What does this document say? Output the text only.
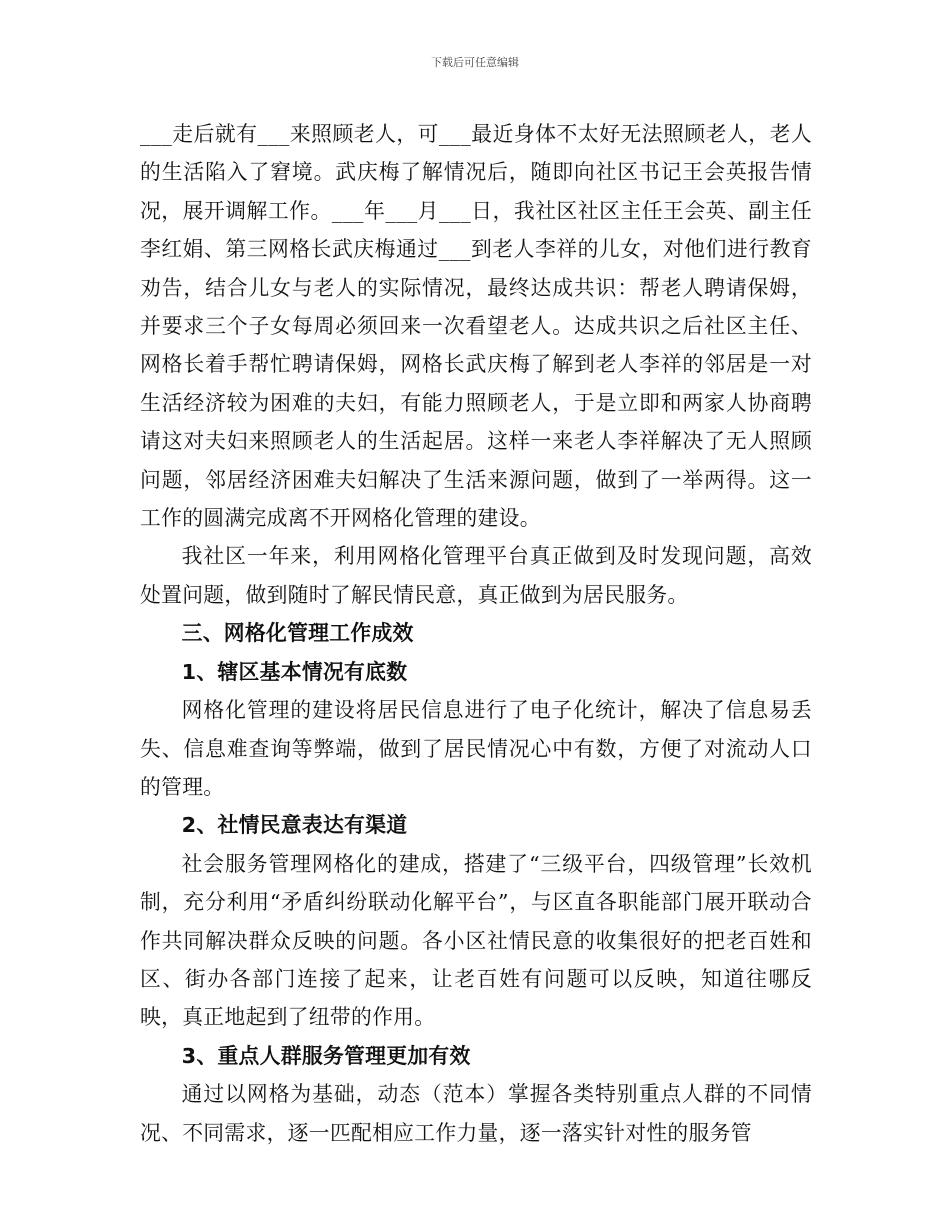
下载后可任意编辑

___走后就有___来照顾老人，可___最近身体不太好无法照顾老人，老人的生活陷入了窘境。武庆梅了解情况后，随即向社区书记王会英报告情况，展开调解工作。___年___月___日，我社区社区主任王会英、副主任李红娟、第三网格长武庆梅通过___到老人李祥的儿女，对他们进行教育劝告，结合儿女与老人的实际情况，最终达成共识：帮老人聘请保姆，并要求三个子女每周必须回来一次看望老人。达成共识之后社区主任、网格长着手帮忙聘请保姆，网格长武庆梅了解到老人李祥的邻居是一对生活经济较为困难的夫妇，有能力照顾老人，于是立即和两家人协商聘请这对夫妇来照顾老人的生活起居。这样一来老人李祥解决了无人照顾问题，邻居经济困难夫妇解决了生活来源问题，做到了一举两得。这一工作的圆满完成离不开网格化管理的建设。

我社区一年来，利用网格化管理平台真正做到及时发现问题，高效处置问题，做到随时了解民情民意，真正做到为居民服务。

三、网格化管理工作成效

1、辖区基本情况有底数

网格化管理的建设将居民信息进行了电子化统计，解决了信息易丢失、信息难查询等弊端，做到了居民情况心中有数，方便了对流动人口的管理。

2、社情民意表达有渠道

社会服务管理网格化的建成，搭建了“三级平台，四级管理”长效机制，充分利用“矛盾纠纷联动化解平台”，与区直各职能部门展开联动合作共同解决群众反映的问题。各小区社情民意的收集很好的把老百姓和区、街办各部门连接了起来，让老百姓有问题可以反映，知道往哪反映，真正地起到了纽带的作用。

3、重点人群服务管理更加有效

通过以网格为基础，动态（范本）掌握各类特别重点人群的不同情况、不同需求，逐一匹配相应工作力量，逐一落实针对性的服务管
